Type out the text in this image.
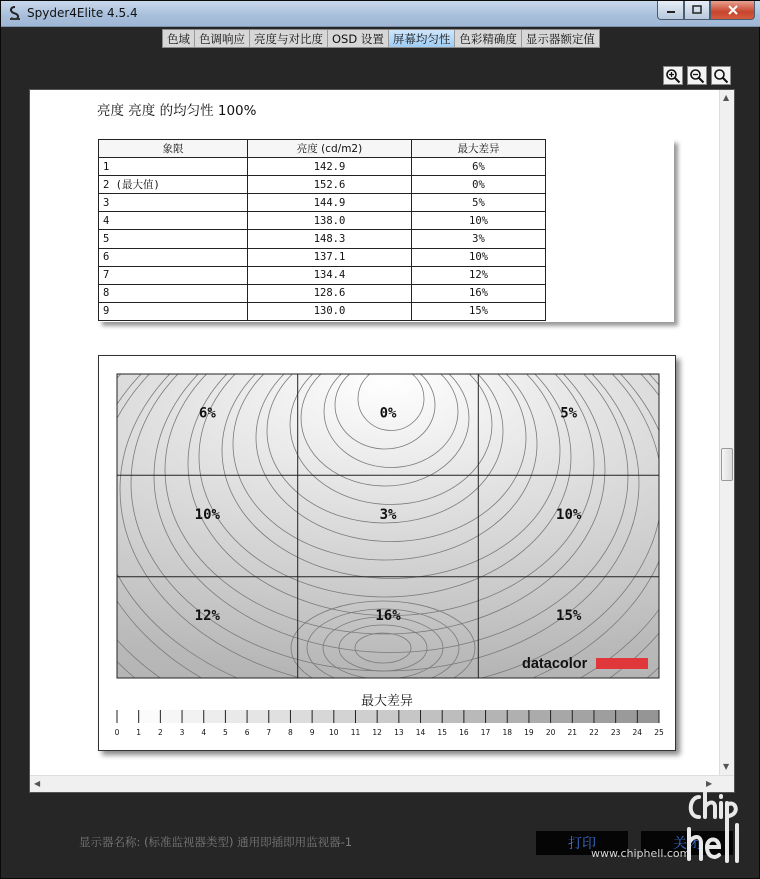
Spyder4Elite 4.5.4
色域 色调响应 亮度与对比度 OSD 设置 屏幕均匀性 色彩精确度 显示器额定值
亮度 亮度 的均匀性 100%
象限	亮度 (cd/m2)	最大差异
1	142.9	6%
2 (最大值)	152.6	0%
3	144.9	5%
4	138.0	10%
5	148.3	3%
6	137.1	10%
7	134.4	12%
8	128.6	16%
9	130.0	15%
6%	0%	5%
10%	3%	10%
12%	16%	15%
datacolor
最大差异
0 1 2 3 4 5 6 7 8 9 10 11 12 13 14 15 16 17 18 19 20 21 22 23 24 25
▲
▼
◀	▶
显示器名称: (标准监视器类型) 通用即插即用监视器-1	打印	关闭
www.chiphell.com
